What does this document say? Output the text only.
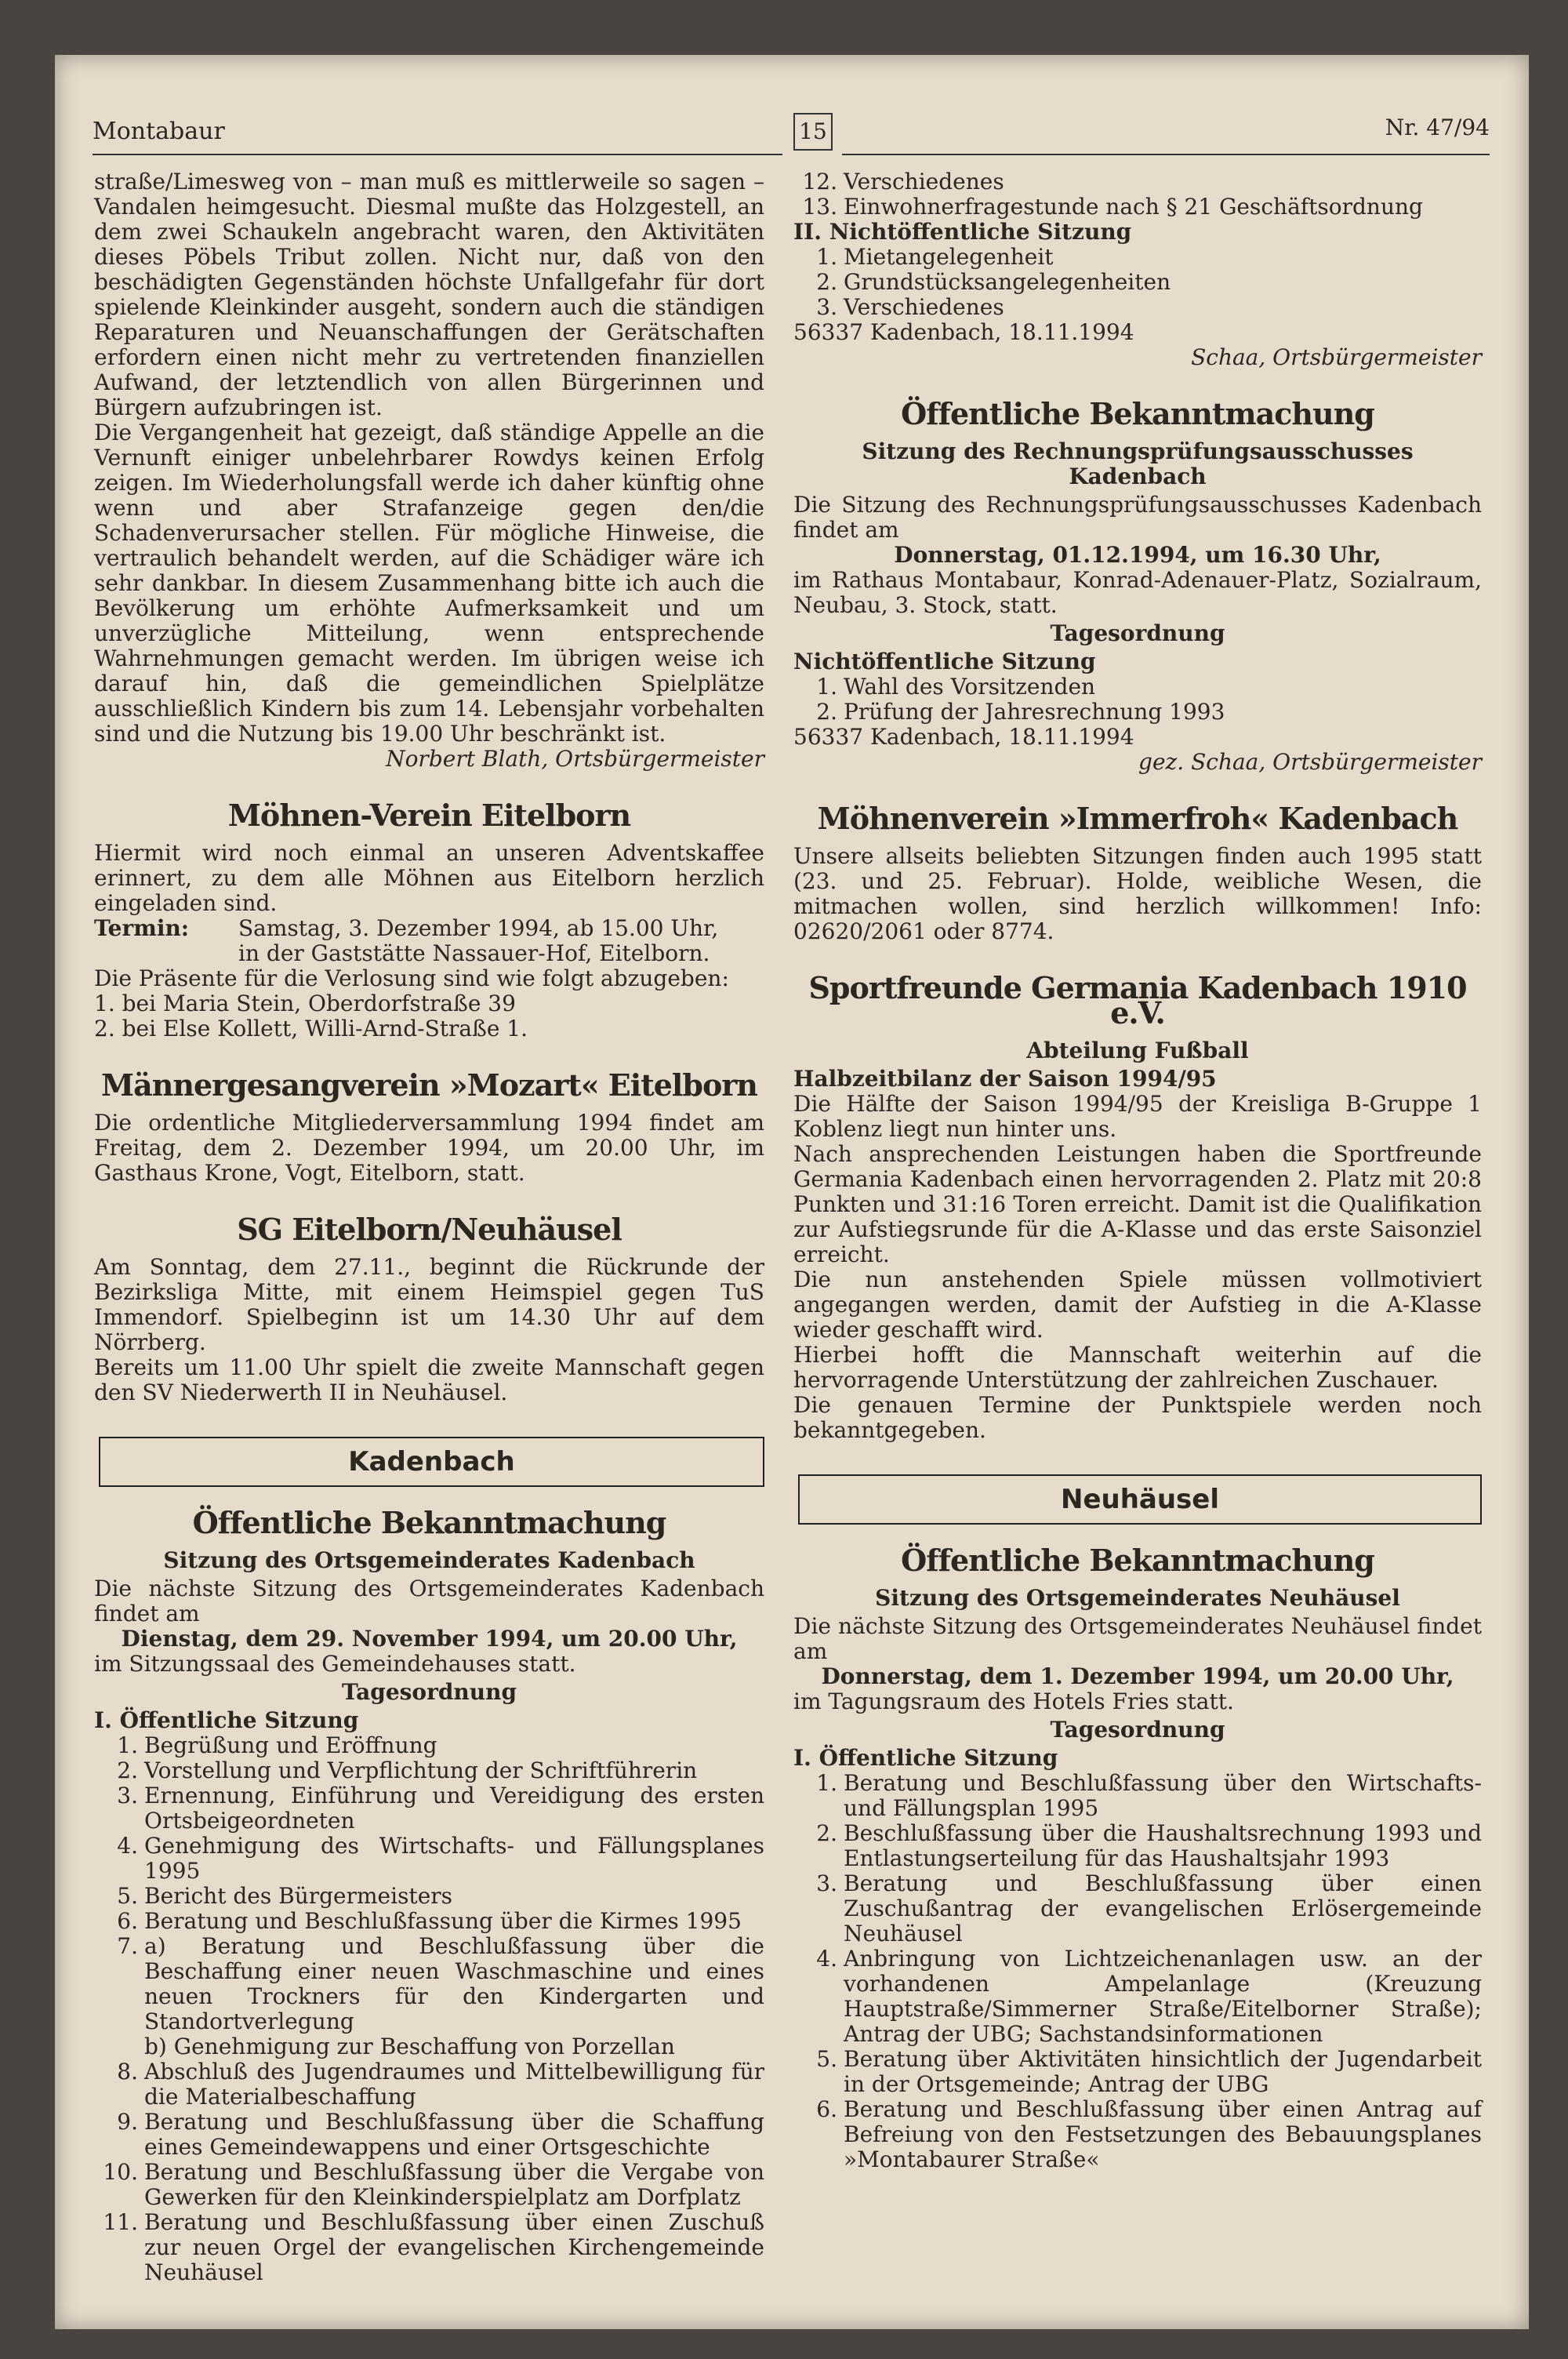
Montabaur	15	Nr. 47/94

straße/Limesweg von – man muß es mittlerweile so sagen – Vandalen heimgesucht. Diesmal mußte das Holzgestell, an dem zwei Schaukeln angebracht waren, den Aktivitäten dieses Pöbels Tribut zollen. Nicht nur, daß von den beschädigten Gegenständen höchste Unfallgefahr für dort spielende Kleinkinder ausgeht, sondern auch die ständigen Reparaturen und Neuanschaffungen der Gerätschaften erfordern einen nicht mehr zu vertretenden finanziellen Aufwand, der letztendlich von allen Bürgerinnen und Bürgern aufzubringen ist.

Die Vergangenheit hat gezeigt, daß ständige Appelle an die Vernunft einiger unbelehrbarer Rowdys keinen Erfolg zeigen. Im Wiederholungsfall werde ich daher künftig ohne wenn und aber Strafanzeige gegen den/die Schadenverursacher stellen. Für mögliche Hinweise, die vertraulich behandelt werden, auf die Schädiger wäre ich sehr dankbar. In diesem Zusammenhang bitte ich auch die Bevölkerung um erhöhte Aufmerksamkeit und um unverzügliche Mitteilung, wenn entsprechende Wahrnehmungen gemacht werden. Im übrigen weise ich darauf hin, daß die gemeindlichen Spielplätze ausschließlich Kindern bis zum 14. Lebensjahr vorbehalten sind und die Nutzung bis 19.00 Uhr beschränkt ist.

Norbert Blath, Ortsbürgermeister

Möhnen-Verein Eitelborn

Hiermit wird noch einmal an unseren Adventskaffee erinnert, zu dem alle Möhnen aus Eitelborn herzlich eingeladen sind.

Termin:	Samstag, 3. Dezember 1994, ab 15.00 Uhr,
in der Gaststätte Nassauer-Hof, Eitelborn.

Die Präsente für die Verlosung sind wie folgt abzugeben:

1. bei Maria Stein, Oberdorfstraße 39

2. bei Else Kollett, Willi-Arnd-Straße 1.

Männergesangverein »Mozart« Eitelborn

Die ordentliche Mitgliederversammlung 1994 findet am Freitag, dem 2. Dezember 1994, um 20.00 Uhr, im Gasthaus Krone, Vogt, Eitelborn, statt.

SG Eitelborn/Neuhäusel

Am Sonntag, dem 27.11., beginnt die Rückrunde der Bezirksliga Mitte, mit einem Heimspiel gegen TuS Immendorf. Spielbeginn ist um 14.30 Uhr auf dem Nörrberg.

Bereits um 11.00 Uhr spielt die zweite Mannschaft gegen den SV Niederwerth II in Neuhäusel.

Kadenbach
Öffentliche Bekanntmachung
Sitzung des Ortsgemeinderates Kadenbach

Die nächste Sitzung des Ortsgemeinderates Kadenbach findet am

Dienstag, dem 29. November 1994, um 20.00 Uhr,

im Sitzungssaal des Gemeindehauses statt.

Tagesordnung

I. Öffentliche Sitzung

1. Begrüßung und Eröffnung
2. Vorstellung und Verpflichtung der Schriftführerin
3. Ernennung, Einführung und Vereidigung des ersten Ortsbeigeordneten
4. Genehmigung des Wirtschafts- und Fällungsplanes 1995
5. Bericht des Bürgermeisters
6. Beratung und Beschlußfassung über die Kirmes 1995
7. a) Beratung und Beschlußfassung über die Beschaffung einer neuen Waschmaschine und eines neuen Trockners für den Kindergarten und Standortverlegung
b) Genehmigung zur Beschaffung von Porzellan
8. Abschluß des Jugendraumes und Mittelbewilligung für die Materialbeschaffung
9. Beratung und Beschlußfassung über die Schaffung eines Gemeindewappens und einer Ortsgeschichte
10. Beratung und Beschlußfassung über die Vergabe von Gewerken für den Kleinkinderspielplatz am Dorfplatz
11. Beratung und Beschlußfassung über einen Zuschuß zur neuen Orgel der evangelischen Kirchengemeinde Neuhäusel
12. Verschiedenes
13. Einwohnerfragestunde nach § 21 Geschäftsordnung

II. Nichtöffentliche Sitzung

1. Mietangelegenheit
2. Grundstücksangelegenheiten
3. Verschiedenes

56337 Kadenbach, 18.11.1994

Schaa, Ortsbürgermeister

Öffentliche Bekanntmachung
Sitzung des Rechnungsprüfungsausschusses Kadenbach

Die Sitzung des Rechnungsprüfungsausschusses Kadenbach findet am

Donnerstag, 01.12.1994, um 16.30 Uhr,

im Rathaus Montabaur, Konrad-Adenauer-Platz, Sozialraum, Neubau, 3. Stock, statt.

Tagesordnung

Nichtöffentliche Sitzung

1. Wahl des Vorsitzenden
2. Prüfung der Jahresrechnung 1993

56337 Kadenbach, 18.11.1994

gez. Schaa, Ortsbürgermeister

Möhnenverein »Immerfroh« Kadenbach

Unsere allseits beliebten Sitzungen finden auch 1995 statt (23. und 25. Februar). Holde, weibliche Wesen, die mitmachen wollen, sind herzlich willkommen! Info: 02620/2061 oder 8774.

Sportfreunde Germania Kadenbach 1910 e.V.
Abteilung Fußball

Halbzeitbilanz der Saison 1994/95

Die Hälfte der Saison 1994/95 der Kreisliga B-Gruppe 1 Koblenz liegt nun hinter uns.

Nach ansprechenden Leistungen haben die Sportfreunde Germania Kadenbach einen hervorragenden 2. Platz mit 20:8 Punkten und 31:16 Toren erreicht. Damit ist die Qualifikation zur Aufstiegsrunde für die A-Klasse und das erste Saisonziel erreicht.

Die nun anstehenden Spiele müssen vollmotiviert angegangen werden, damit der Aufstieg in die A-Klasse wieder geschafft wird.

Hierbei hofft die Mannschaft weiterhin auf die hervorragende Unterstützung der zahlreichen Zuschauer.

Die genauen Termine der Punktspiele werden noch bekanntgegeben.

Neuhäusel
Öffentliche Bekanntmachung
Sitzung des Ortsgemeinderates Neuhäusel

Die nächste Sitzung des Ortsgemeinderates Neuhäusel findet am

Donnerstag, dem 1. Dezember 1994, um 20.00 Uhr,

im Tagungsraum des Hotels Fries statt.

Tagesordnung

I. Öffentliche Sitzung

1. Beratung und Beschlußfassung über den Wirtschafts- und Fällungsplan 1995
2. Beschlußfassung über die Haushaltsrechnung 1993 und Entlastungserteilung für das Haushaltsjahr 1993
3. Beratung und Beschlußfassung über einen Zuschußantrag der evangelischen Erlösergemeinde Neuhäusel
4. Anbringung von Lichtzeichenanlagen usw. an der vorhandenen Ampelanlage (Kreuzung Hauptstraße/Simmerner Straße/Eitelborner Straße); Antrag der UBG; Sachstandsinformationen
5. Beratung über Aktivitäten hinsichtlich der Jugendarbeit in der Ortsgemeinde; Antrag der UBG
6. Beratung und Beschlußfassung über einen Antrag auf Befreiung von den Festsetzungen des Bebauungsplanes »Montabaurer Straße«
